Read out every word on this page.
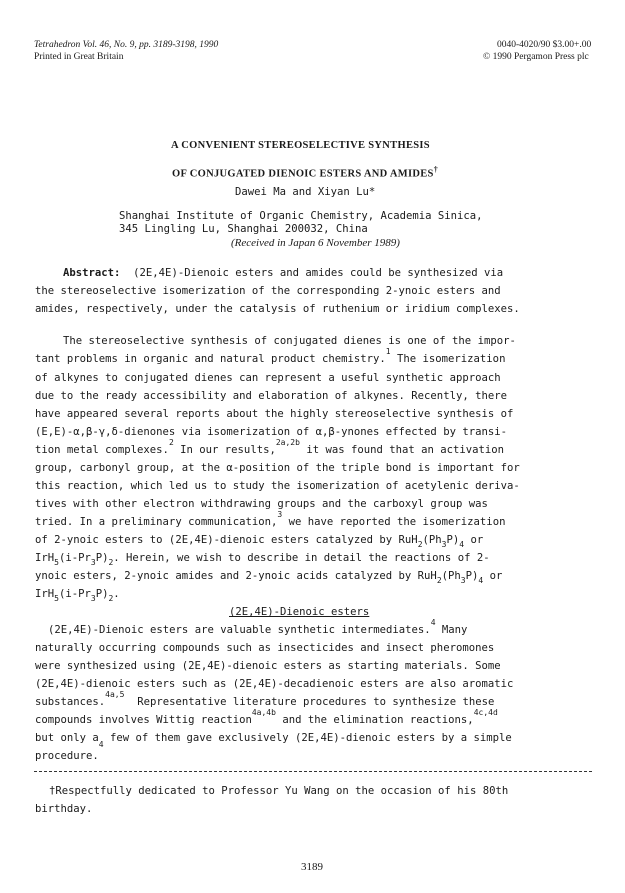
Tetrahedron Vol. 46, No. 9, pp. 3189-3198, 1990
Printed in Great Britain
0040-4020/90 $3.00+.00
© 1990 Pergamon Press plc
A CONVENIENT STEREOSELECTIVE SYNTHESIS
OF CONJUGATED DIENOIC ESTERS AND AMIDES†
Dawei Ma and Xiyan Lu*
Shanghai Institute of Organic Chemistry, Academia Sinica,
345 Lingling Lu, Shanghai 200032, China
(Received in Japan 6 November 1989)
Abstract: (2E,4E)-Dienoic esters and amides could be synthesized via
the stereoselective isomerization of the corresponding 2-ynoic esters and
amides, respectively, under the catalysis of ruthenium or iridium complexes.
The stereoselective synthesis of conjugated dienes is one of the impor-
tant problems in organic and natural product chemistry.$^1$ The isomerization
of alkynes to conjugated dienes can represent a useful synthetic approach
due to the ready accessibility and elaboration of alkynes. Recently, there
have appeared several reports about the highly stereoselective synthesis of
(E,E)-α,β-γ,δ-dienones via isomerization of α,β-ynones effected by transi-
tion metal complexes.$^2$ In our results,$^{2a,2b}$ it was found that an activation
group, carbonyl group, at the α-position of the triple bond is important for
this reaction, which led us to study the isomerization of acetylenic deriva-
tives with other electron withdrawing groups and the carboxyl group was
tried. In a preliminary communication,$^3$ we have reported the isomerization
of 2-ynoic esters to (2E,4E)-dienoic esters catalyzed by $RuH_2(Ph_3P)_4$ or
$IrH_5(i-Pr_3P)_2$. Herein, we wish to describe in detail the reactions of 2-
ynoic esters, 2-ynoic amides and 2-ynoic acids catalyzed by $RuH_2(Ph_3P)_4$ or
$IrH_5(i-Pr_3P)_2$.
(2E,4E)-Dienoic esters
(2E,4E)-Dienoic esters are valuable synthetic intermediates.$^4$ Many
naturally occurring compounds such as insecticides and insect pheromones
were synthesized using (2E,4E)-dienoic esters as starting materials. Some
(2E,4E)-dienoic esters such as (2E,4E)-decadienoic esters are also aromatic
substances.$^{4a,5}$  Representative literature procedures to synthesize these
compounds involves Wittig reaction$^{4a,4b}$ and the elimination reactions,$^{4c,4d}$
but only $a_4$ few of them gave exclusively (2E,4E)-dienoic esters by a simple
procedure.
†Respectfully dedicated to Professor Yu Wang on the occasion of his 80th
birthday.
3189
